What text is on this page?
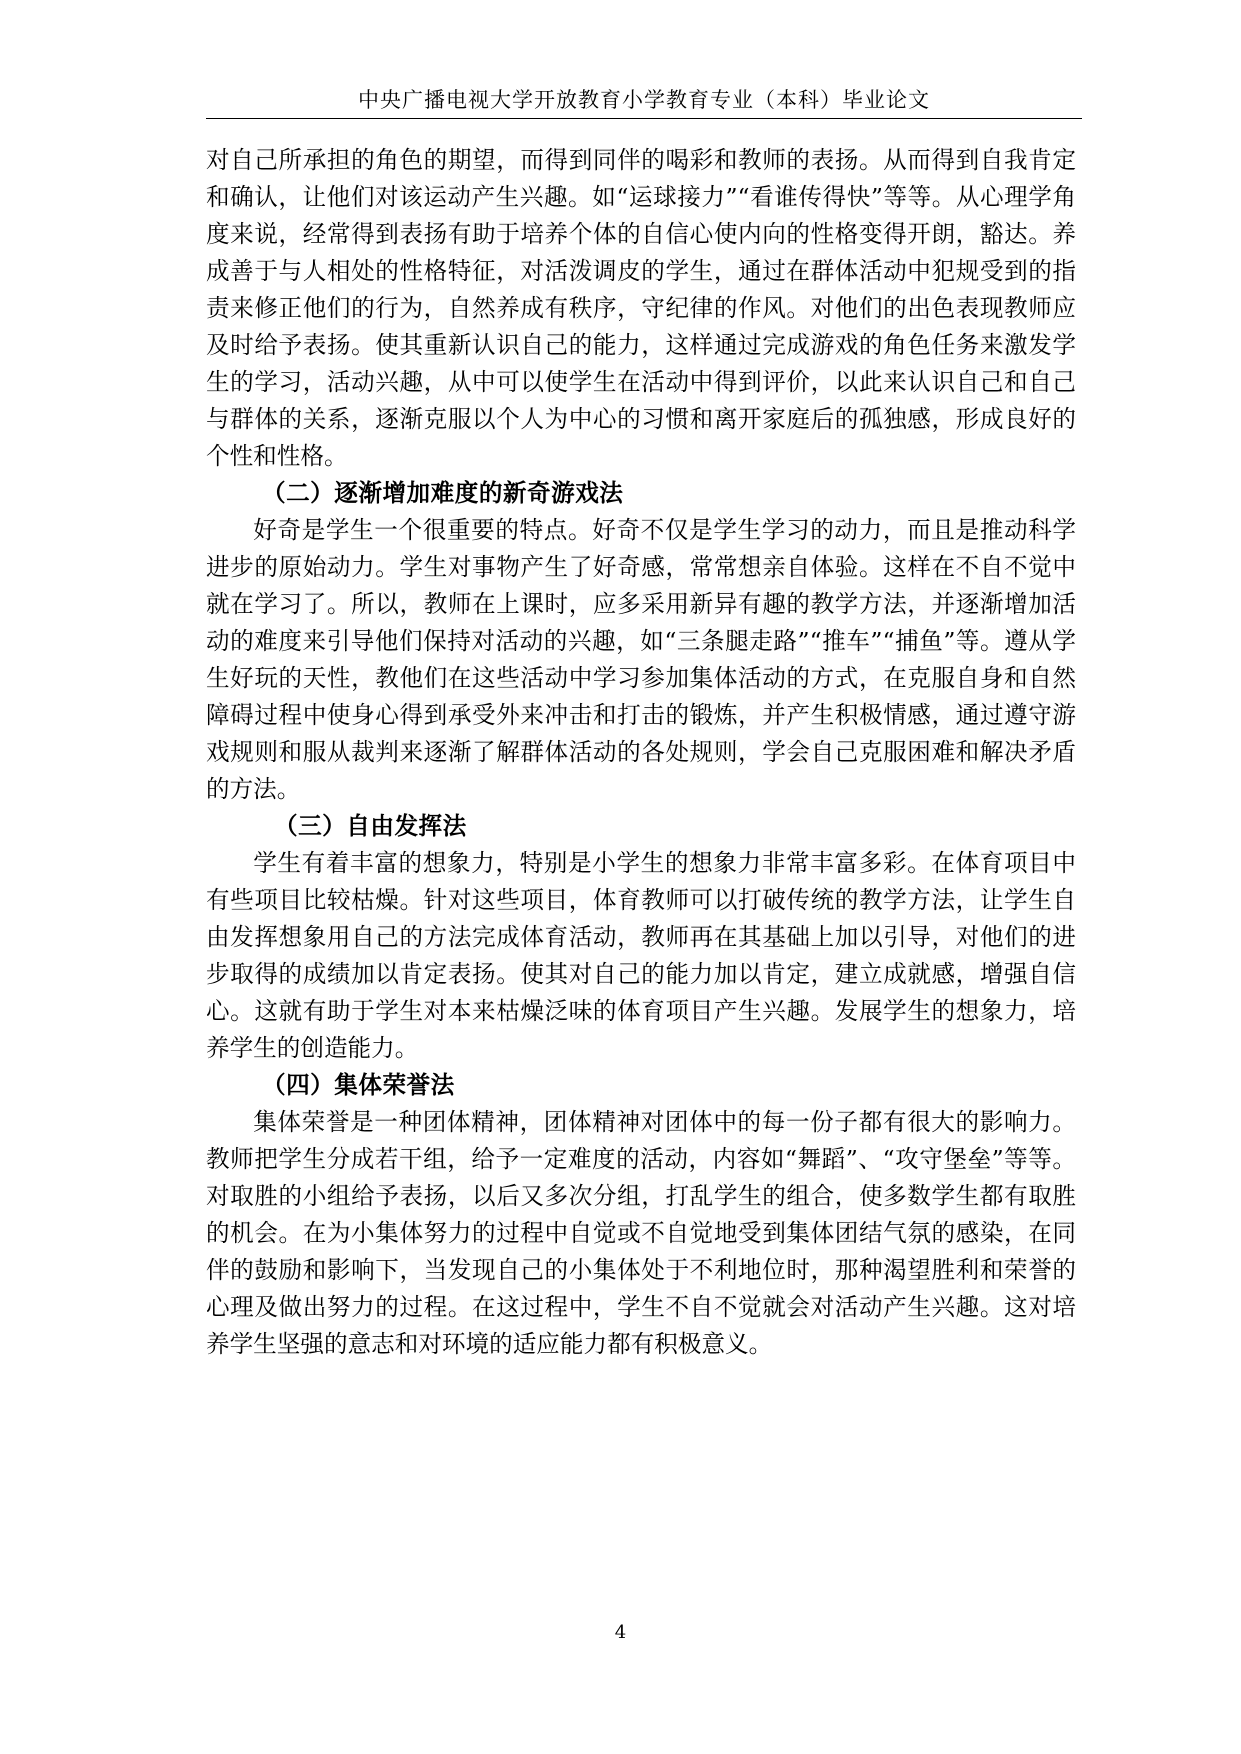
中央广播电视大学开放教育小学教育专业（本科）毕业论文

对自己所承担的角色的期望，而得到同伴的喝彩和教师的表扬。从而得到自我肯定和确认，让他们对该运动产生兴趣。如“运球接力”“看谁传得快”等等。从心理学角度来说，经常得到表扬有助于培养个体的自信心使内向的性格变得开朗，豁达。养成善于与人相处的性格特征，对活泼调皮的学生，通过在群体活动中犯规受到的指责来修正他们的行为，自然养成有秩序，守纪律的作风。对他们的出色表现教师应及时给予表扬。使其重新认识自己的能力，这样通过完成游戏的角色任务来激发学生的学习，活动兴趣，从中可以使学生在活动中得到评价，以此来认识自己和自己与群体的关系，逐渐克服以个人为中心的习惯和离开家庭后的孤独感，形成良好的个性和性格。

（二）逐渐增加难度的新奇游戏法

好奇是学生一个很重要的特点。好奇不仅是学生学习的动力，而且是推动科学进步的原始动力。学生对事物产生了好奇感，常常想亲自体验。这样在不自不觉中就在学习了。所以，教师在上课时，应多采用新异有趣的教学方法，并逐渐增加活动的难度来引导他们保持对活动的兴趣，如“三条腿走路”“推车”“捕鱼”等。遵从学生好玩的天性，教他们在这些活动中学习参加集体活动的方式，在克服自身和自然障碍过程中使身心得到承受外来冲击和打击的锻炼，并产生积极情感，通过遵守游戏规则和服从裁判来逐渐了解群体活动的各处规则，学会自己克服困难和解决矛盾的方法。

（三）自由发挥法

学生有着丰富的想象力，特别是小学生的想象力非常丰富多彩。在体育项目中有些项目比较枯燥。针对这些项目，体育教师可以打破传统的教学方法，让学生自由发挥想象用自己的方法完成体育活动，教师再在其基础上加以引导，对他们的进步取得的成绩加以肯定表扬。使其对自己的能力加以肯定，建立成就感，增强自信心。这就有助于学生对本来枯燥泛味的体育项目产生兴趣。发展学生的想象力，培养学生的创造能力。

（四）集体荣誉法

集体荣誉是一种团体精神，团体精神对团体中的每一份子都有很大的影响力。教师把学生分成若干组，给予一定难度的活动，内容如“舞蹈”、“攻守堡垒”等等。对取胜的小组给予表扬，以后又多次分组，打乱学生的组合，使多数学生都有取胜的机会。在为小集体努力的过程中自觉或不自觉地受到集体团结气氛的感染，在同伴的鼓励和影响下，当发现自己的小集体处于不利地位时，那种渴望胜利和荣誉的心理及做出努力的过程。在这过程中，学生不自不觉就会对活动产生兴趣。这对培养学生坚强的意志和对环境的适应能力都有积极意义。

4
